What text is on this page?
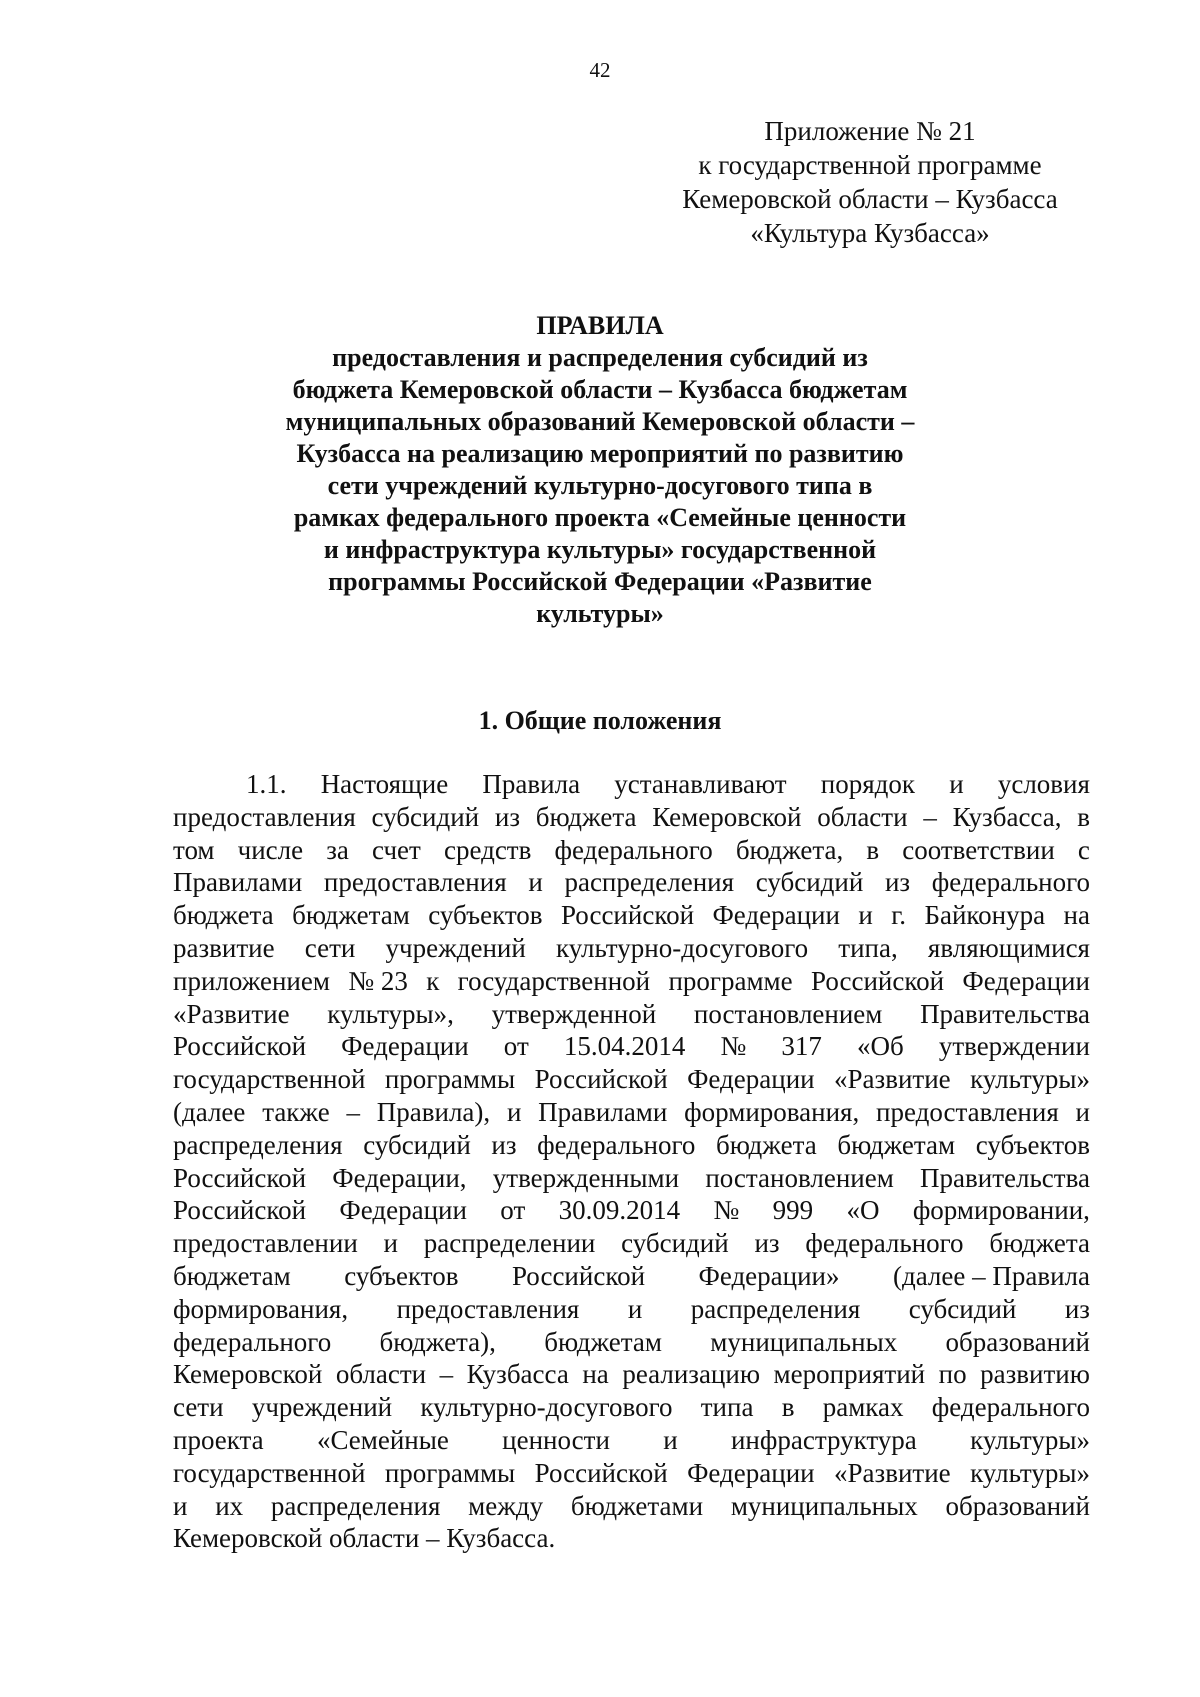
42
Приложение № 21
к государственной программе
Кемеровской области – Кузбасса
«Культура Кузбасса»
ПРАВИЛА
предоставления и распределения субсидий из
бюджета Кемеровской области – Кузбасса бюджетам
муниципальных образований Кемеровской области –
Кузбасса на реализацию мероприятий по развитию
сети учреждений культурно-досугового типа в
рамках федерального проекта «Семейные ценности
и инфраструктура культуры» государственной
программы Российской Федерации «Развитие
культуры»
1. Общие положения
1.1. Настоящие Правила устанавливают порядок и условия
предоставления субсидий из бюджета Кемеровской области – Кузбасса, в
том числе за счет средств федерального бюджета, в соответствии с
Правилами предоставления и распределения субсидий из федерального
бюджета бюджетам субъектов Российской Федерации и г. Байконура на
развитие сети учреждений культурно-досугового типа, являющимися
приложением № 23 к государственной программе Российской Федерации
«Развитие культуры», утвержденной постановлением Правительства
Российской Федерации от 15.04.2014 № 317 «Об утверждении
государственной программы Российской Федерации «Развитие культуры»
(далее также – Правила), и Правилами формирования, предоставления и
распределения субсидий из федерального бюджета бюджетам субъектов
Российской Федерации, утвержденными постановлением Правительства
Российской Федерации от 30.09.2014 № 999 «О формировании,
предоставлении и распределении субсидий из федерального бюджета
бюджетам субъектов Российской Федерации» (далее – Правила
формирования, предоставления и распределения субсидий из
федерального бюджета), бюджетам муниципальных образований
Кемеровской области – Кузбасса на реализацию мероприятий по развитию
сети учреждений культурно-досугового типа в рамках федерального
проекта «Семейные ценности и инфраструктура культуры»
государственной программы Российской Федерации «Развитие культуры»
и их распределения между бюджетами муниципальных образований
Кемеровской области – Кузбасса.
